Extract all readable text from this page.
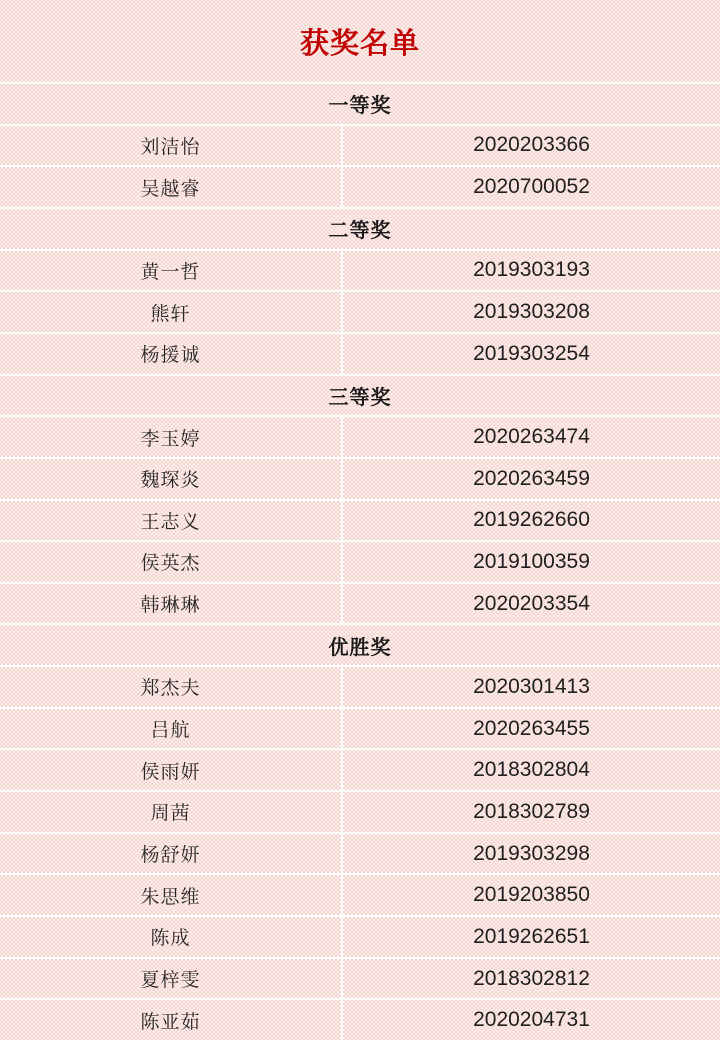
获奖名单
一等奖
刘洁怡	2020203366
吴越睿	2020700052
二等奖
黄一哲	2019303193
熊轩	2019303208
杨援诚	2019303254
三等奖
李玉婷	2020263474
魏琛炎	2020263459
王志义	2019262660
侯英杰	2019100359
韩琳琳	2020203354
优胜奖
郑杰夫	2020301413
吕航	2020263455
侯雨妍	2018302804
周茜	2018302789
杨舒妍	2019303298
朱思维	2019203850
陈成	2019262651
夏梓雯	2018302812
陈亚茹	2020204731
